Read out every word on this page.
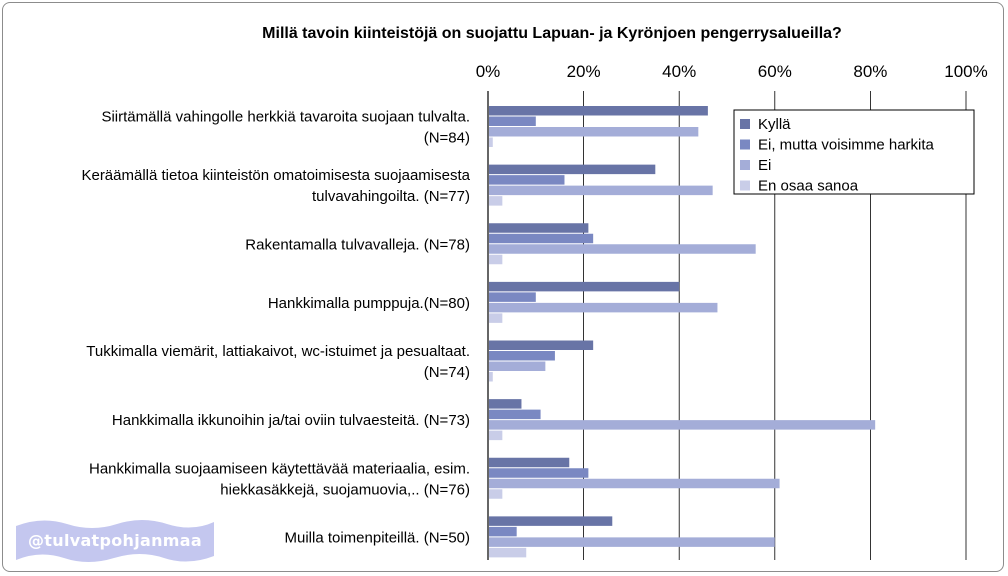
Millä tavoin kiinteistöjä on suojattu Lapuan- ja Kyrönjoen pengerrysalueilla?
0%	20%	40%	60%	80%	100%
Siirtämällä vahingolle herkkiä tavaroita suojaan tulvalta.
(N=84)
Keräämällä tietoa kiinteistön omatoimisesta suojaamisesta
tulvavahingoilta. (N=77)
Rakentamalla tulvavalleja. (N=78)
Hankkimalla pumppuja.(N=80)
Tukkimalla viemärit, lattiakaivot, wc-istuimet ja pesualtaat.
(N=74)
Hankkimalla ikkunoihin ja/tai oviin tulvaesteitä. (N=73)
Hankkimalla suojaamiseen käytettävää materiaalia, esim.
hiekkasäkkejä, suojamuovia,.. (N=76)
Muilla toimenpiteillä. (N=50)
Kyllä
Ei, mutta voisimme harkita
Ei
En osaa sanoa
@tulvatpohjanmaa
